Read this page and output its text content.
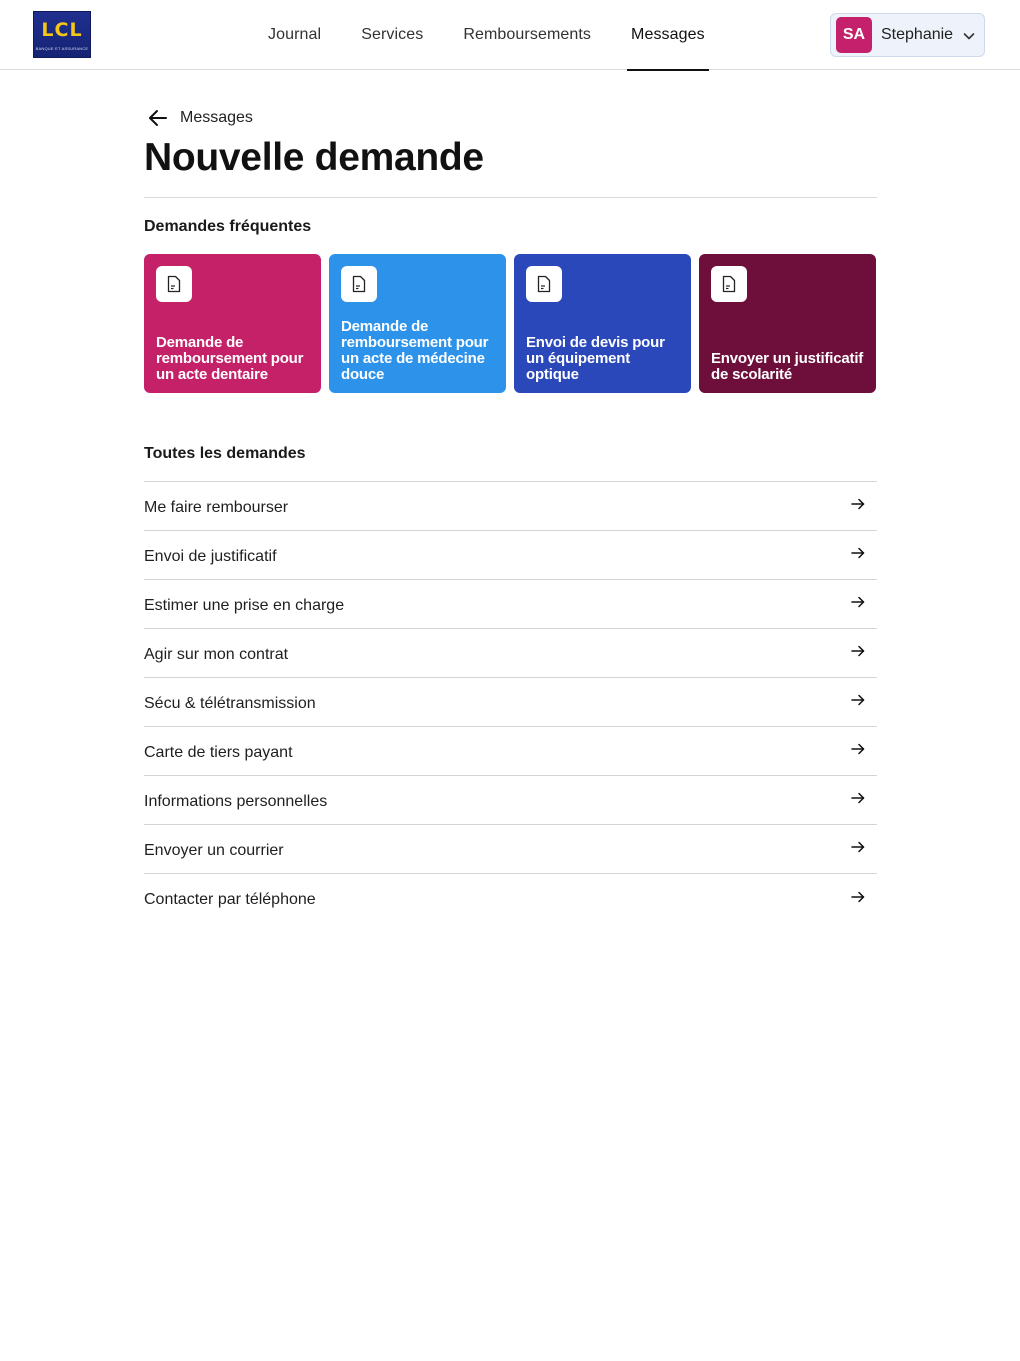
LCL
BANQUE ET ASSURANCE
Journal	Services	Remboursements	Messages	SA Stephanie
Messages
Nouvelle demande
Demandes fréquentes
Demande de remboursement pour un acte dentaire
Demande de remboursement pour un acte de médecine douce
Envoi de devis pour un équipement optique
Envoyer un justificatif de scolarité
Toutes les demandes
Me faire rembourser
Envoi de justificatif
Estimer une prise en charge
Agir sur mon contrat
Sécu & télétransmission
Carte de tiers payant
Informations personnelles
Envoyer un courrier
Contacter par téléphone
